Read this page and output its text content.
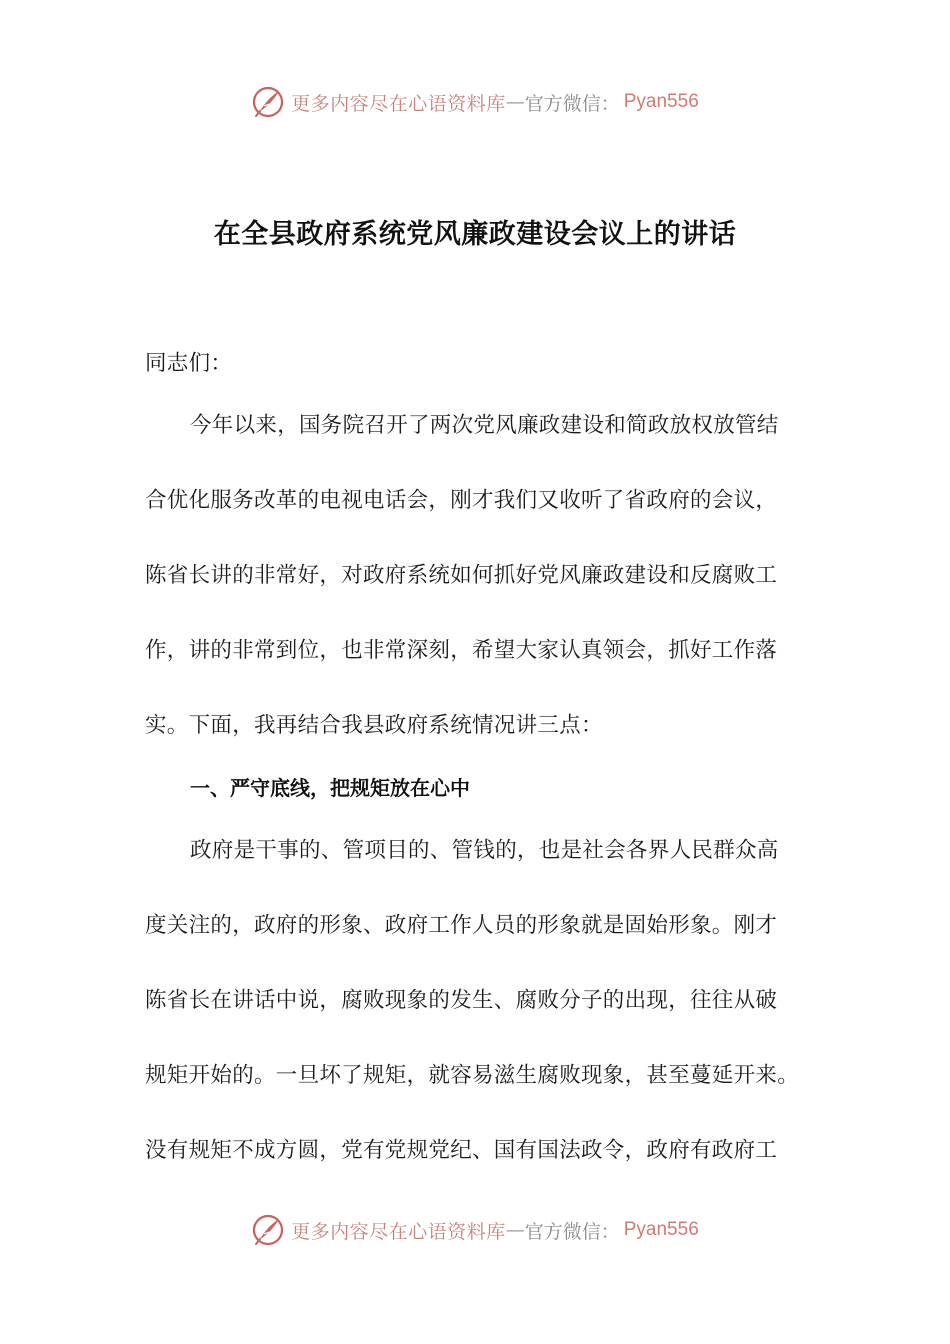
更多内容尽在心语资料库 — 官方微信： Pyan556
在全县政府系统党风廉政建设会议上的讲话
同志们：
今年以来，国务院召开了两次党风廉政建设和简政放权放管结
合优化服务改革的电视电话会，刚才我们又收听了省政府的会议，
陈省长讲的非常好，对政府系统如何抓好党风廉政建设和反腐败工
作，讲的非常到位，也非常深刻，希望大家认真领会，抓好工作落
实。下面，我再结合我县政府系统情况讲三点：
一、严守底线，把规矩放在心中
政府是干事的、管项目的、管钱的，也是社会各界人民群众高
度关注的，政府的形象、政府工作人员的形象就是固始形象。刚才
陈省长在讲话中说，腐败现象的发生、腐败分子的出现，往往从破
规矩开始的。一旦坏了规矩，就容易滋生腐败现象，甚至蔓延开来。
没有规矩不成方圆，党有党规党纪、国有国法政令，政府有政府工
更多内容尽在心语资料库 — 官方微信： Pyan556
